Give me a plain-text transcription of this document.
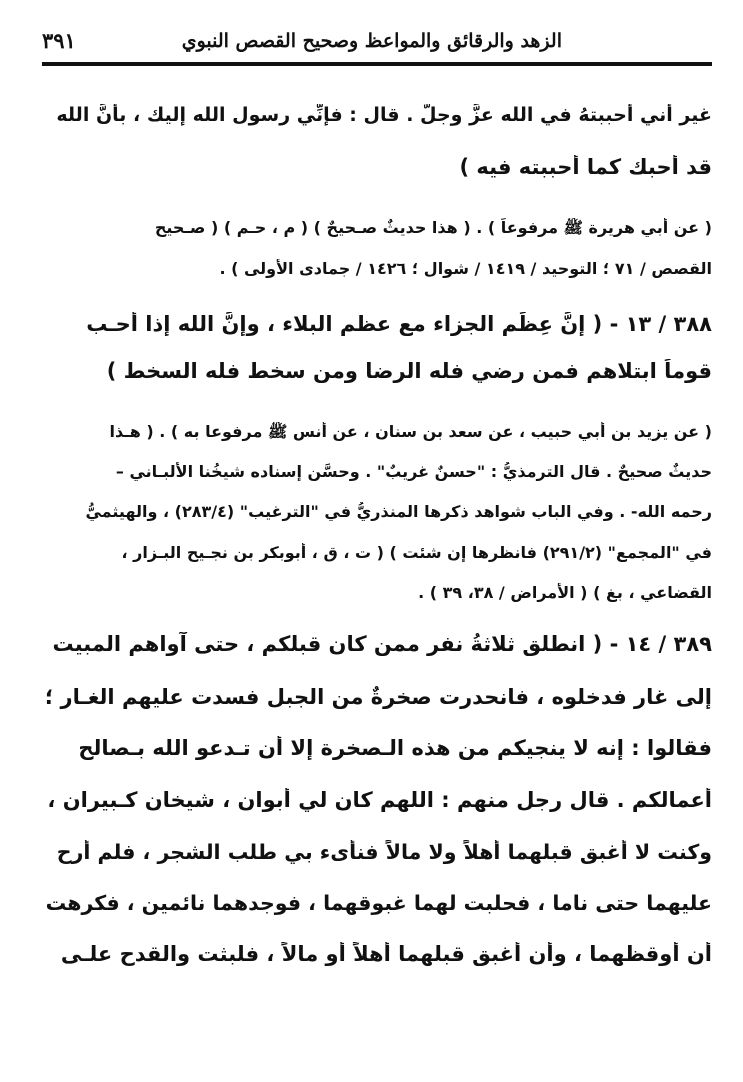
الزهد والرقائق والمواعظ وصحيح القصص النبوي
٣٩١
غير أني أحببتهُ في الله عزَّ وجلَّ . قال : فإنِّي رسول الله إليك ، بأنَّ الله
قد أحبك كما أحببته فيه )
( عن أبي هريرة ﷺ مرفوعاً ) . ( هذا حديثٌ صـحيحٌ ) ( م ، حـم ) ( صـحيح
القصص / ٧١ ؛ التوحيد / ١٤١٩ / شوال ؛ ١٤٢٦ / جمادى الأولى ) .
٣٨٨ / ١٣ - ( إنَّ عِظَم الجزاء مع عظم البلاء ، وإنَّ الله إذا أحـب
قوماً ابتلاهم فمن رضي فله الرضا ومن سخط فله السخط )
( عن يزيد بن أبي حبيب ، عن سعد بن سنان ، عن أنس ﷺ مرفوعا به ) . ( هـذا
حديثٌ صحيحٌ . قال الترمذيُّ : "حسنٌ غريبٌ" . وحسَّن إسناده شيخُنا الألبـاني –
رحمه الله- . وفي الباب شواهد ذكرها المنذريُّ في "الترغيب" (٢٨٣/٤) ، والهيثميُّ
في "المجمع" (٢٩١/٢) فانظرها إن شئت ) ( ت ، ق ، أبوبكر بن نجـيح البـزار ،
القضاعي ، بغ ) ( الأمراض / ٣٨، ٣٩ ) .
٣٨٩ / ١٤ - ( انطلق ثلاثةُ نفرٍ ممن كان قبلكم ، حتى آواهم المبيت
إلى غارٍ فدخلوه ، فانحدرت صخرةٌ من الجبل فسدت عليهم الغـار ؛
فقالوا : إنه لا ينجيكم من هذه الـصخرة إلا أن تـدعو الله بـصالح
أعمالكم . قال رجل منهم : اللهم كان لي أبوان ، شيخان كـبيران ،
وكنت لا أغبق قبلهما أهلاً ولا مالاً فنأىء بي طلب الشجر ، فلم أرح
عليهما حتى ناما ، فحلبت لهما غبوقهما ، فوجدهما نائمين ، فكرهت
أن أوقظهما ، وأن أغبق قبلهما أهلاً أو مالاً ، فلبثت والقدح علـى
